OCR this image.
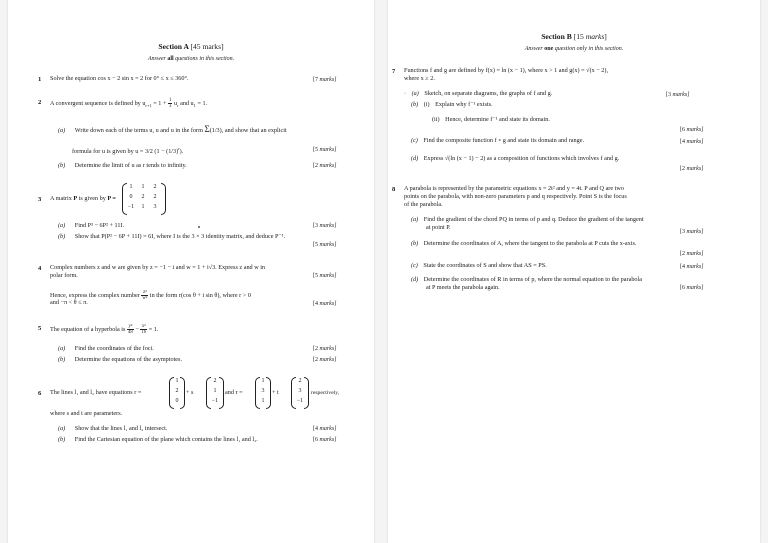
Section A [45 marks]
Answer all questions in this section.
1 Solve the equation cos x − 2 sin x = 2 for 0° ≤ x ≤ 360°.	[7 marks]
2 A convergent sequence is defined by $u_{r+1} = 1 + \frac{1}{3} u_r$ and $u_1 = 1$.
(a) Write down each of the terms u, u and u in the form Σ(1/3), and show that an explicit
formula for u is given by u = 3/2 $(1 - (1/3)^r)$.	[5 marks]
(b) Determine the limit of u as r tends to infinity.	[2 marks]
3 A matrix P is given by P =
1	1	2
0	2	2
−1	1	3
(a) Find P³ − 6P² + 11I.	[3 marks]
(b) Show that P(P² − 6P + 11I) = 6I, where I is the 3 × 3 identity matrix, and deduce P⁻¹.
[5 marks]
4 Complex numbers z and w are given by z = −1 − i and w = 1 + i√3. Express z and w in
polar form.	[5 marks]
Hence, express the complex number $\frac{\text{z³}}{\text{w²}}$ in the form r(cos θ + i sin θ), where r > 0
and −π < θ ≤ π.	[4 marks]
5 The equation of a hyperbola is $\frac{\text{y²}}{48} - \frac{\text{x²}}{16} = 1$.
(a) Find the coordinates of the foci.	[2 marks]
(b) Determine the equations of the asymptotes.	[2 marks]
6 The lines l₁ and l₂ have equations r =
1
2
0
+ s
2
1
−1
and r =
1
3
1
+ t
2
3
−1
respectively,
where s and t are parameters.
(a) Show that the lines l₁ and l₂ intersect.	[4 marks]
(b) Find the Cartesian equation of the plane which contains the lines l₁ and l₂.	[6 marks]
Section B [15 marks]
Answer one question only in this section.
7 Functions f and g are defined by f(x) = ln (x − 1), where x > 1 and g(x) = √(x − 2),
where x ≥ 2.
· (a) Sketch, on separate diagrams, the graphs of f and g.	[3 marks]
(b) (i) Explain why f⁻¹ exists.
(ii) Hence, determine f⁻¹ and state its domain.
[6 marks]
(c) Find the composite function f ∘ g and state its domain and range.	[4 marks]
(d) Express √(ln (x − 1) − 2) as a composition of functions which involves f and g.
[2 marks]
8 A parabola is represented by the parametric equations x = 2t² and y = 4t. P and Q are two
points on the parabola, with non-zero parameters p and q respectively. Point S is the focus
of the parabola.
(a) Find the gradient of the chord PQ in terms of p and q. Deduce the gradient of the tangent
at point P.
[3 marks]
(b) Determine the coordinates of A, where the tangent to the parabola at P cuts the x-axis.
[2 marks]
(c) State the coordinates of S and show that AS = PS.	[4 marks]
(d) Determine the coordinates of R in terms of p, where the normal equation to the parabola
at P meets the parabola again.	[6 marks]
